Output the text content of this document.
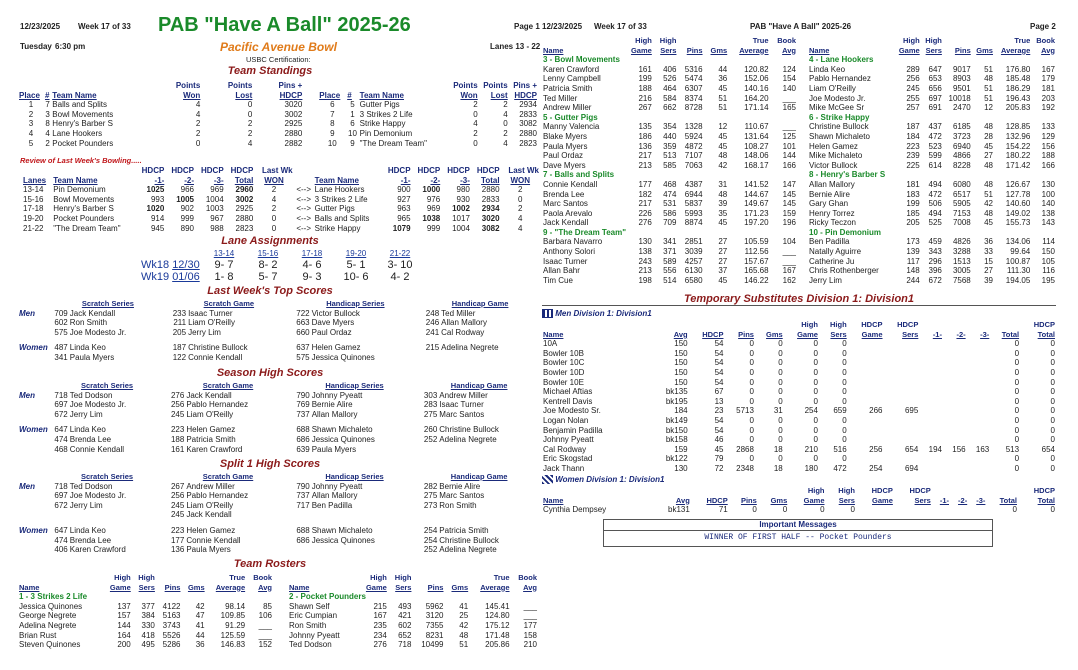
12/23/2025 Week 17 of 33 PAB "Have A Ball" 2025-26	Page 1
Tuesday 6:30 pm	Pacific Avenue Bowl	Lanes 13 - 22
USBC Certification:
Team Standings
			Points	Points	Pins +				Points	Points	Pins +
Place	#	Team Name	Won	Lost	HDCP	Place	#	Team Name	Won	Lost	HDCP
1	7	Balls and Splits	4	0	3020	6	5	Gutter Pigs	2	2	2934
2	3	Bowl Movements	4	0	3002	7	1	3 Strikes 2 Life	0	4	2833
3	8	Henry's Barber S	2	2	2925	8	6	Strike Happy	4	0	3082
4	4	Lane Hookers	2	2	2880	9	10	Pin Demonium	2	2	2880
5	2	Pocket Pounders	0	4	2882	10	9	"The Dream Team"	0	4	2823
Review of Last Week's Bowling.....
		HDCP	HDCP	HDCP	HDCP	Last Wk			HDCP	HDCP	HDCP	HDCP	Last Wk
Lanes	Team Name	-1-	-2-	-3-	Total	WON		Team Name	-1-	-2-	-3-	Total	WON
13-14	Pin Demonium	1025	966	969	2960	2	<-->	Lane Hookers	900	1000	980	2880	2
15-16	Bowl Movements	993	1005	1004	3002	4	<-->	3 Strikes 2 Life	927	976	930	2833	0
17-18	Henry's Barber S	1020	902	1003	2925	2	<-->	Gutter Pigs	963	969	1002	2934	2
19-20	Pocket Pounders	914	999	967	2880	0	<-->	Balls and Splits	965	1038	1017	3020	4
21-22	"The Dream Team"	945	890	988	2823	0	<-->	Strike Happy	1079	999	1004	3082	4
Lane Assignments
	13-14	15-16	17-18	19-20	21-22
Wk18 12/30	9- 7	8- 2	4- 6	5- 1	3- 10
Wk19 01/06	1- 8	5- 7	9- 3	10- 6	4- 2
Last Week's Top Scores
	Scratch Series		Scratch Game		Handicap Series		Handicap Game	
Men	709	Jack Kendall	233	Isaac Turner	722	Victor Bullock	248	Ted Miller
	602	Ron Smith	211	Liam O'Reilly	663	Dave Myers	246	Allan Mallory
	575	Joe Modesto Jr.	205	Jerry Lim	660	Paul Ordaz	241	Cal Rodway

Women	487	Linda Keo	187	Christine Bullock	637	Helen Gamez	215	Adelina Negrete
	341	Paula Myers	122	Connie Kendall	575	Jessica Quinones		
Season High Scores
	Scratch Series		Scratch Game		Handicap Series		Handicap Game	
Men	718	Ted Dodson	276	Jack Kendall	790	Johnny Pyeatt	303	Andrew Miller
	697	Joe Modesto Jr.	256	Pablo Hernandez	769	Bernie Alire	283	Isaac Turner
	672	Jerry Lim	245	Liam O'Reilly	737	Allan Mallory	275	Marc Santos

Women	647	Linda Keo	223	Helen Gamez	688	Shawn Michaleto	260	Christine Bullock
	474	Brenda Lee	188	Patricia Smith	686	Jessica Quinones	252	Adelina Negrete
	468	Connie Kendall	161	Karen Crawford	639	Paula Myers		
Split 1 High Scores
	Scratch Series		Scratch Game		Handicap Series		Handicap Game	
Men	718	Ted Dodson	267	Andrew Miller	790	Johnny Pyeatt	282	Bernie Alire
	697	Joe Modesto Jr.	256	Pablo Hernandez	737	Allan Mallory	275	Marc Santos
	672	Jerry Lim	245	Liam O'Reilly	717	Ben Padilla	273	Ron Smith
			245	Jack Kendall				

Women	647	Linda Keo	223	Helen Gamez	688	Shawn Michaleto	254	Patricia Smith
	474	Brenda Lee	177	Connie Kendall	686	Jessica Quinones	254	Christine Bullock
	406	Karen Crawford	136	Paula Myers			252	Adelina Negrete
Team Rosters
	High	High			True	Book
Name	Game	Sers	Pins	Gms	Average	Avg
1 - 3 Strikes 2 Life						
Jessica Quinones	137	377	4122	42	98.14	85
George Negrete	157	384	5163	47	109.85	106
Adelina Negrete	144	330	3743	41	91.29	___
Brian Rust	164	418	5526	44	125.59	___
Steven Quinones	200	495	5286	36	146.83	152
	High	High			True	Book
Name	Game	Sers	Pins	Gms	Average	Avg
2 - Pocket Pounders						
Shawn Self	215	493	5962	41	145.41	___
Eric Cumpian	167	421	3120	25	124.80	___
Ron Smith	235	602	7355	42	175.12	177
Johnny Pyeatt	234	652	8231	48	171.48	158
Ted Dodson	276	718	10499	51	205.86	210
12/23/2025 Week 17 of 33	PAB "Have A Ball" 2025-26	Page 2
	High	High			True	Book
Name	Game	Sers	Pins	Gms	Average	Avg
3 - Bowl Movements						
Karen Crawford	161	406	5316	44	120.82	124
Lenny Campbell	199	526	5474	36	152.06	154
Patricia Smith	188	464	6307	45	140.16	140
Ted Miller	216	584	8374	51	164.20	___
Andrew Miller	267	662	8728	51	171.14	165
5 - Gutter Pigs						
Manny Valencia	135	354	1328	12	110.67	___
Blake Myers	186	440	5924	45	131.64	125
Paula Myers	136	359	4872	45	108.27	101
Paul Ordaz	217	513	7107	48	148.06	144
Dave Myers	213	585	7063	42	168.17	166
7 - Balls and Splits						
Connie Kendall	177	468	4387	31	141.52	147
Brenda Lee	182	474	6944	48	144.67	145
Marc Santos	217	531	5837	39	149.67	145
Paola Arevalo	226	586	5993	35	171.23	159
Jack Kendall	276	709	8874	45	197.20	196
9 - "The Dream Team"						
Barbara Navarro	130	341	2851	27	105.59	104
Anthony Solori	138	371	3039	27	112.56	___
Isaac Turner	243	589	4257	27	157.67	___
Allan Bahr	213	556	6130	37	165.68	167
Tim Cue	198	514	6580	45	146.22	162
	High	High			True	Book
Name	Game	Sers	Pins	Gms	Average	Avg
4 - Lane Hookers						
Linda Keo	289	647	9017	51	176.80	167
Pablo Hernandez	256	653	8903	48	185.48	179
Liam O'Reilly	245	656	9501	51	186.29	181
Joe Modesto Jr.	255	697	10018	51	196.43	203
Mike McGee Sr	257	691	2470	12	205.83	192
6 - Strike Happy						
Christine Bullock	187	437	6185	48	128.85	133
Shawn Michaleto	184	472	3723	28	132.96	129
Helen Gamez	223	523	6940	45	154.22	156
Mike Michaleto	239	599	4866	27	180.22	188
Victor Bullock	225	614	8228	48	171.42	166
8 - Henry's Barber S						
Allan Mallory	181	494	6080	48	126.67	130
Bernie Alire	183	472	6517	51	127.78	100
Gary Ghan	199	506	5905	42	140.60	140
Henry Torrez	185	494	7153	48	149.02	138
Ricky Teczon	205	525	7008	45	155.73	143
10 - Pin Demonium						
Ben Padilla	173	459	4826	36	134.06	114
Natally Aguirre	139	343	3288	33	99.64	150
Catherine Ju	117	296	1513	15	100.87	105
Chris Rothenberger	148	396	3005	27	111.30	116
Jerry Lim	244	672	7568	39	194.05	195
Temporary Substitutes Division 1: Division1
Men Division 1: Division1
					High	High	HDCP	HDCP					HDCP
Name	Avg	HDCP	Pins	Gms	Game	Sers	Game	Sers	-1-	-2-	-3-	Total	Total
10A	150	54	0	0	0	0						0	0
Bowler 10B	150	54	0	0	0	0						0	0
Bowler 10C	150	54	0	0	0	0						0	0
Bowler 10D	150	54	0	0	0	0						0	0
Bowler 10E	150	54	0	0	0	0						0	0
Michael Aftias	bk135	67	0	0	0	0						0	0
Kentrell Davis	bk195	13	0	0	0	0						0	0
Joe Modesto Sr.	184	23	5713	31	254	659	266	695				0	0
Logan Nolan	bk149	54	0	0	0	0						0	0
Benjamin Padilla	bk150	54	0	0	0	0						0	0
Johnny Pyeatt	bk158	46	0	0	0	0						0	0
Cal Rodway	159	45	2868	18	210	516	256	654	194	156	163	513	654
Eric Skogstad	bk122	79	0	0	0	0						0	0
Jack Thann	130	72	2348	18	180	472	254	694				0	0
Women Division 1: Division1
					High	High	HDCP	HDCP					HDCP
Name	Avg	HDCP	Pins	Gms	Game	Sers	Game	Sers	-1-	-2-	-3-	Total	Total
Cynthia Dempsey	bk131	71	0	0	0	0						0	0
Important Messages
WINNER OF FIRST HALF -- Pocket Pounders
